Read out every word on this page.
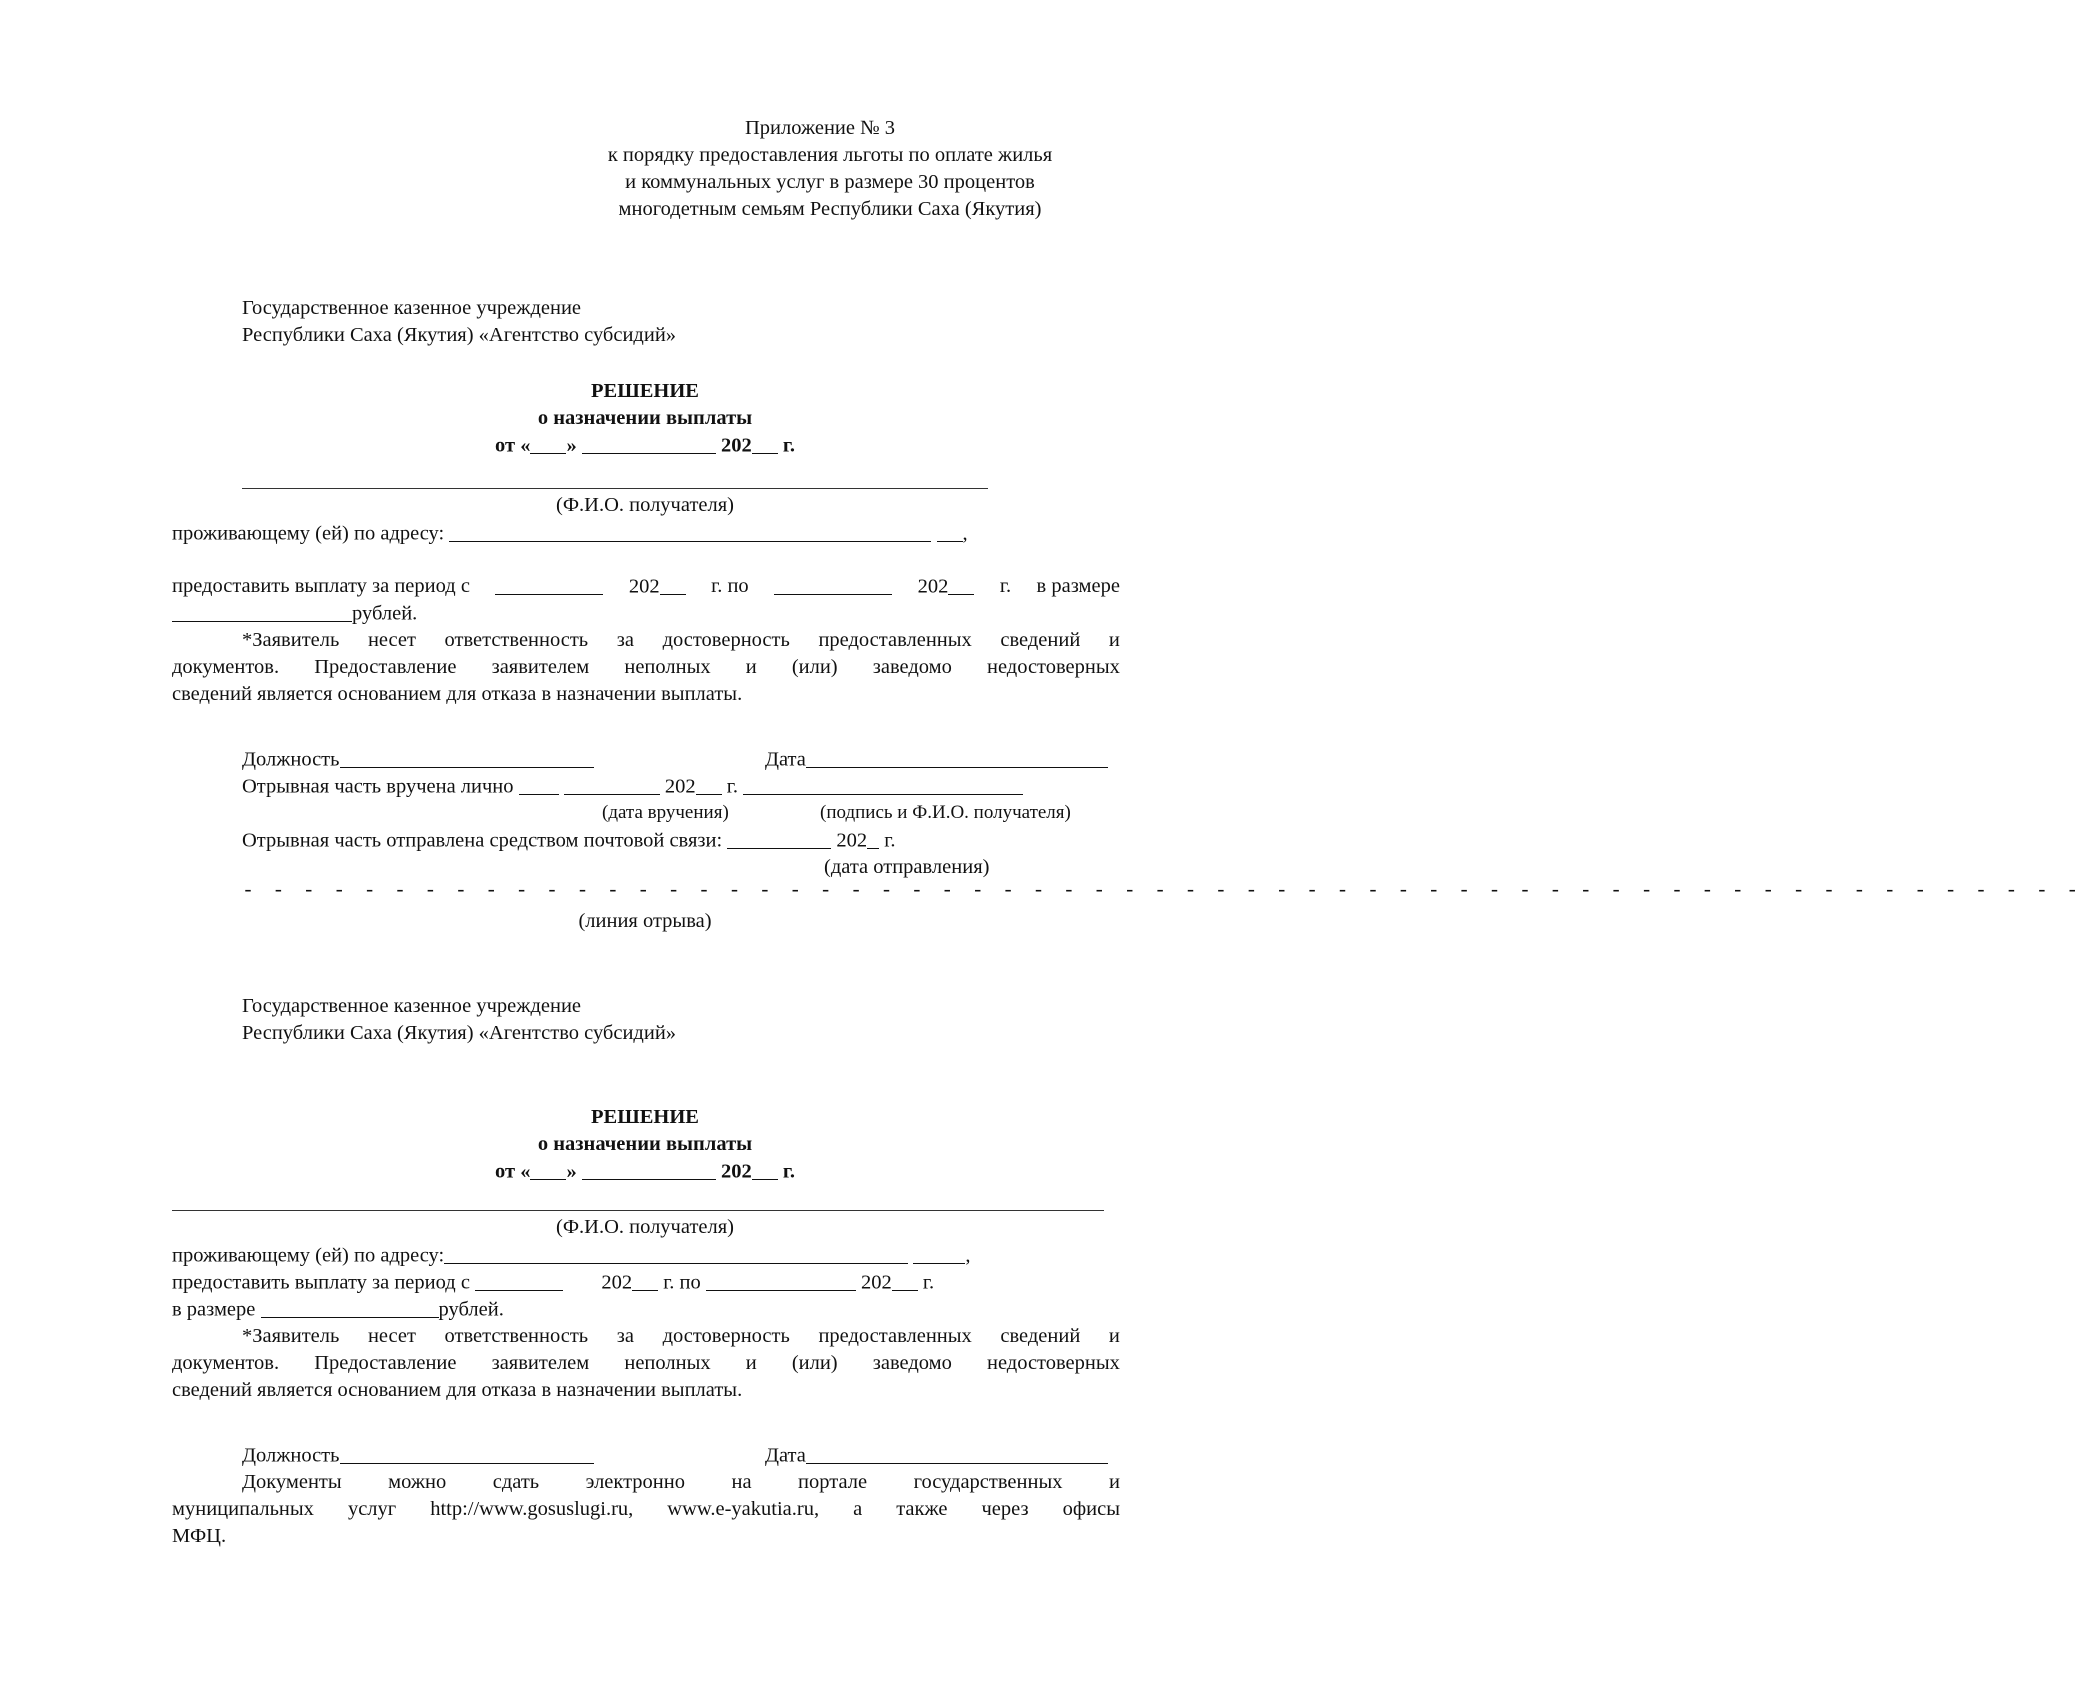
Приложение № 3
к порядку предоставления льготы по оплате жилья
и коммунальных услуг в размере 30 процентов
многодетным семьям Республики Саха (Якутия)
Государственное казенное учреждение
Республики Саха (Якутия) «Агентство субсидий»
РЕШЕНИЕ
о назначении выплаты
от « »	202 г.
(Ф.И.О. получателя)
проживающему (ей) по адресу:	,
предоставить выплату за период с	202	г. по	202	г. в размере
рублей.
*Заявитель несет ответственность за достоверность предоставленных сведений и
документов. Предоставление заявителем неполных и (или) заведомо недостоверных
сведений является основанием для отказа в назначении выплаты.
Должность	Дата
Отрывная часть вручена лично	202 г.
(дата вручения)	(подпись и Ф.И.О. получателя)
Отрывная часть отправлена средством почтовой связи:	202 г.
(дата отправления)
- - - - - - - - - - - - - - - - - - - - - - - - - - - - - - - - - - - - - - - - - - - - - - - - - - - - - - - - - - - - -
(линия отрыва)
Государственное казенное учреждение
Республики Саха (Якутия) «Агентство субсидий»
РЕШЕНИЕ
о назначении выплаты
от « »	202 г.
(Ф.И.О. получателя)
проживающему (ей) по адресу:	,
предоставить выплату за период с	202 г. по	202 г.
в размере	рублей.
*Заявитель несет ответственность за достоверность предоставленных сведений и
документов. Предоставление заявителем неполных и (или) заведомо недостоверных
сведений является основанием для отказа в назначении выплаты.
Должность	Дата
Документы можно сдать электронно на портале государственных и
муниципальных услуг http://www.gosuslugi.ru, www.e-yakutia.ru, а также через офисы
МФЦ.
